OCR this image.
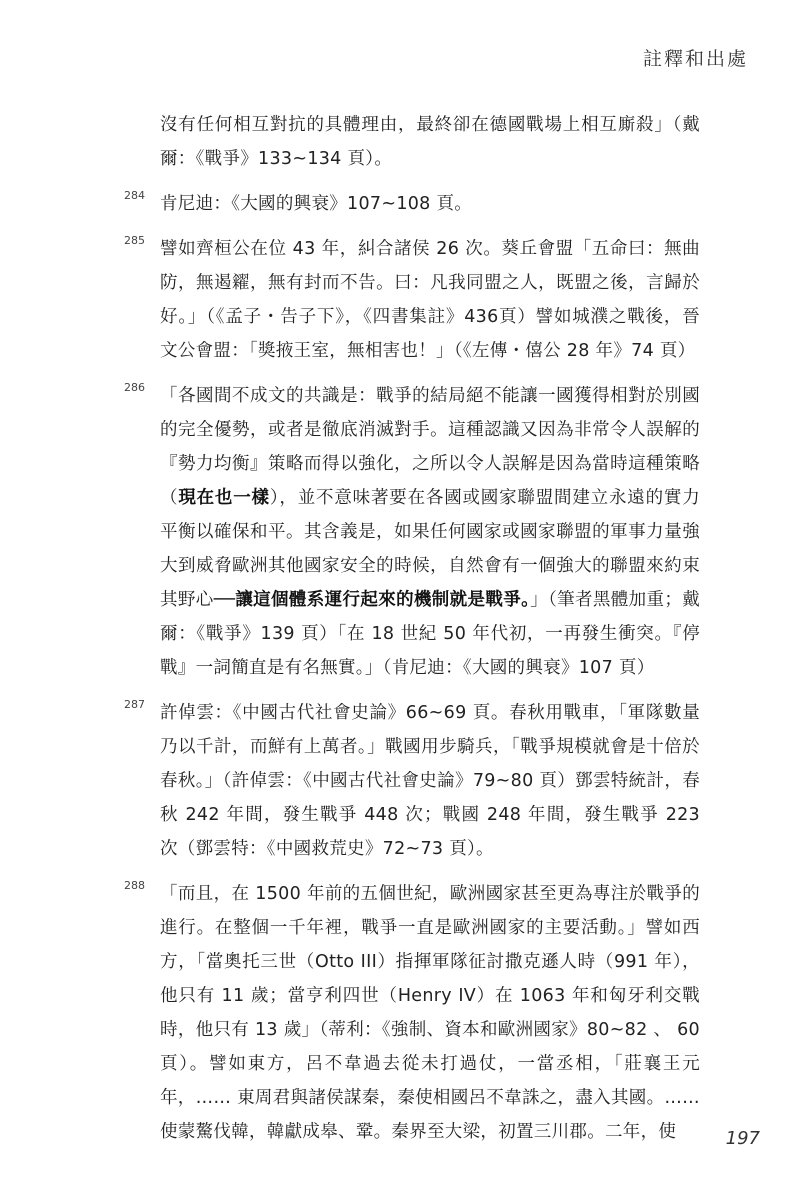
註釋和出處
沒有任何相互對抗的具體理由，最終卻在德國戰場上相互廝殺」（戴爾：《戰爭》133~134 頁）。
284 肯尼迪：《大國的興衰》107~108 頁。
285 譬如齊桓公在位 43 年，糾合諸侯 26 次。葵丘會盟「五命曰：無曲防，無遏糴，無有封而不告。曰：凡我同盟之人，既盟之後，言歸於好。」（《孟子・告子下》，《四書集註》436頁）譬如城濮之戰後，晉文公會盟：「獎掖王室，無相害也！」（《左傳・僖公 28 年》74 頁）
286 「各國間不成文的共識是：戰爭的結局絕不能讓一國獲得相對於別國的完全優勢，或者是徹底消滅對手。這種認識又因為非常令人誤解的『勢力均衡』策略而得以強化，之所以令人誤解是因為當時這種策略（現在也一樣），並不意味著要在各國或國家聯盟間建立永遠的實力平衡以確保和平。其含義是，如果任何國家或國家聯盟的軍事力量強大到威脅歐洲其他國家安全的時候，自然會有一個強大的聯盟來約束其野心──讓這個體系運行起來的機制就是戰爭。」（筆者黑體加重；戴爾：《戰爭》139 頁）「在 18 世紀 50 年代初，一再發生衝突。『停戰』一詞簡直是有名無實。」（肯尼迪：《大國的興衰》107 頁）
287 許倬雲：《中國古代社會史論》66~69 頁。春秋用戰車，「軍隊數量乃以千計，而鮮有上萬者。」戰國用步騎兵，「戰爭規模就會是十倍於春秋。」（許倬雲：《中國古代社會史論》79~80 頁）鄧雲特統計，春秋 242 年間，發生戰爭 448 次；戰國 248 年間，發生戰爭 223 次（鄧雲特：《中國救荒史》72~73 頁）。
288 「而且，在 1500 年前的五個世紀，歐洲國家甚至更為專注於戰爭的進行。在整個一千年裡，戰爭一直是歐洲國家的主要活動。」譬如西方，「當奧托三世（Otto III）指揮軍隊征討撒克遜人時（991 年），他只有 11 歲；當亨利四世（Henry IV）在 1063 年和匈牙利交戰時，他只有 13 歲」（蒂利：《強制、資本和歐洲國家》80~82 、 60 頁）。譬如東方，呂不韋過去從未打過仗，一當丞相，「莊襄王元年，…… 東周君與諸侯謀秦，秦使相國呂不韋誅之，盡入其國。…… 使蒙驁伐韓，韓獻成皋、鞏。秦界至大梁，初置三川郡。二年，使	197
